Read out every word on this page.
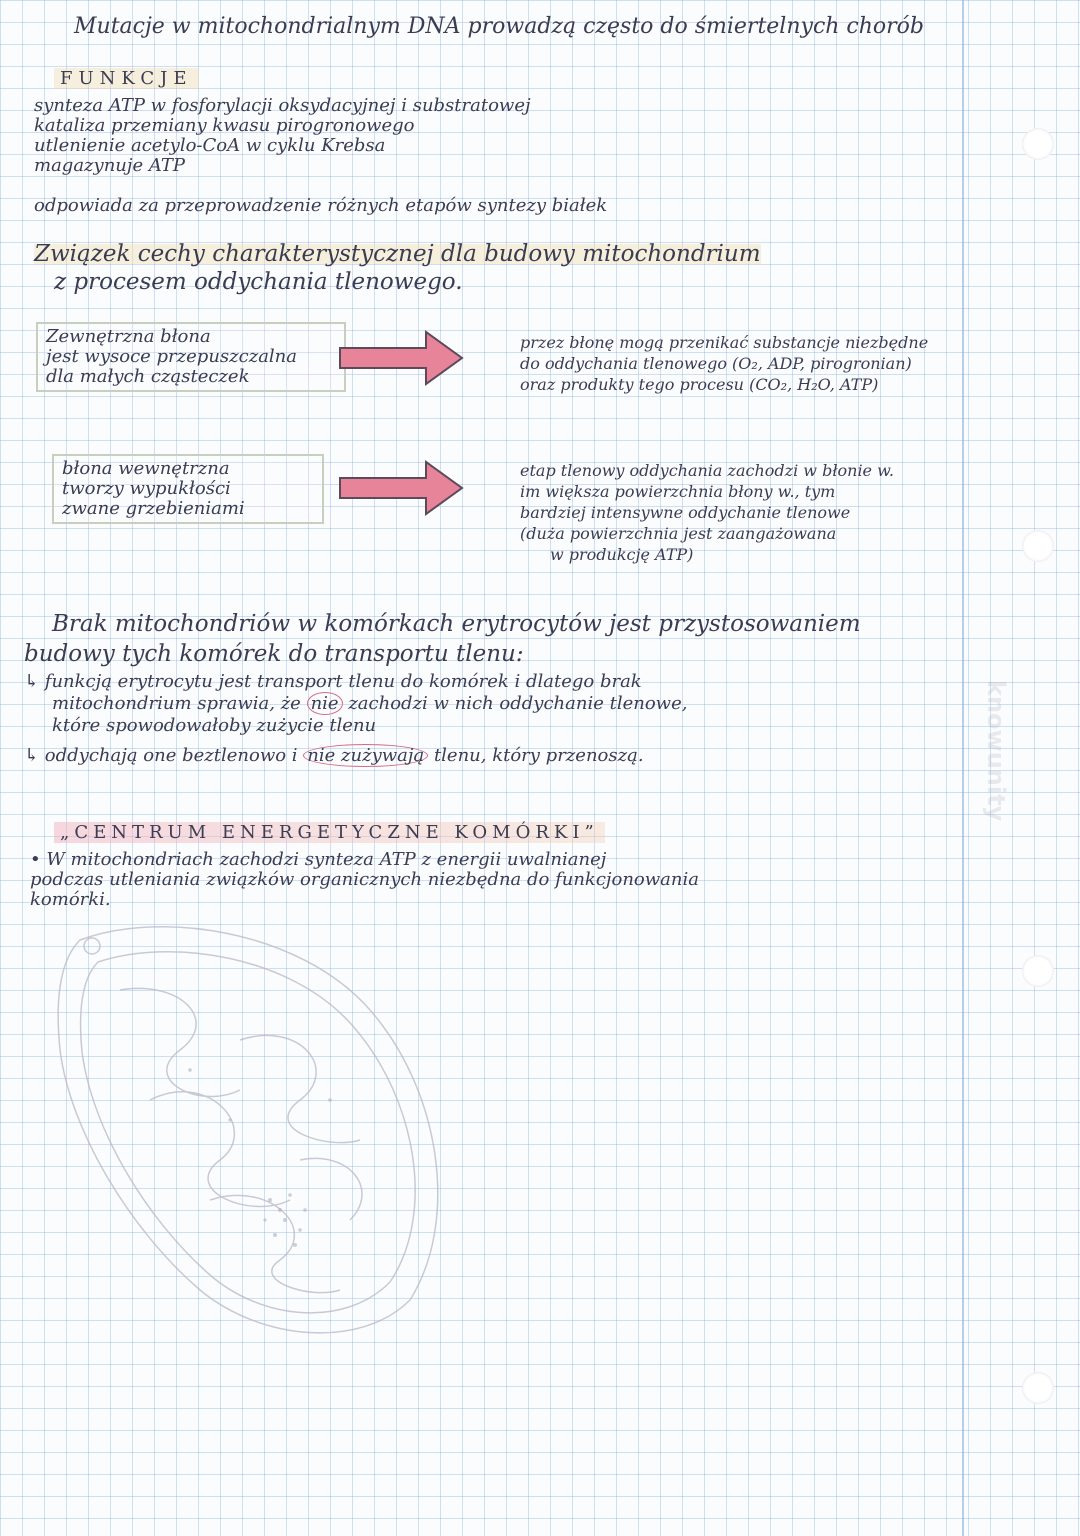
knowunity
Mutacje w mitochondrialnym DNA prowadzą często do śmiertelnych chorób
FUNKCJE
synteza ATP w fosforylacji oksydacyjnej i substratowej
kataliza przemiany kwasu pirogronowego
utlenienie acetylo-CoA w cyklu Krebsa
magazynuje ATP
odpowiada za przeprowadzenie różnych etapów syntezy białek
Związek cechy charakterystycznej dla budowy mitochondrium
z procesem oddychania tlenowego.
Zewnętrzna błona
jest wysoce przepuszczalna
dla małych cząsteczek
przez błonę mogą przenikać substancje niezbędne
do oddychania tlenowego (O₂, ADP, pirogronian)
oraz produkty tego procesu (CO₂, H₂O, ATP)
błona wewnętrzna
tworzy wypukłości
zwane grzebieniami
etap tlenowy oddychania zachodzi w błonie w.
im większa powierzchnia błony w., tym
bardziej intensywne oddychanie tlenowe
(duża powierzchnia jest zaangażowana
w produkcję ATP)
Brak mitochondriów w komórkach erytrocytów jest przystosowaniem
budowy tych komórek do transportu tlenu:
↳ funkcją erytrocytu jest transport tlenu do komórek i dlatego brak
mitochondrium sprawia, że nie zachodzi w nich oddychanie tlenowe,
które spowodowałoby zużycie tlenu
↳ oddychają one beztlenowo i nie zużywają tlenu, który przenoszą.
„CENTRUM ENERGETYCZNE KOMÓRKI”
• W mitochondriach zachodzi synteza ATP z energii uwalnianej
podczas utleniania związków organicznych niezbędna do funkcjonowania
komórki.
